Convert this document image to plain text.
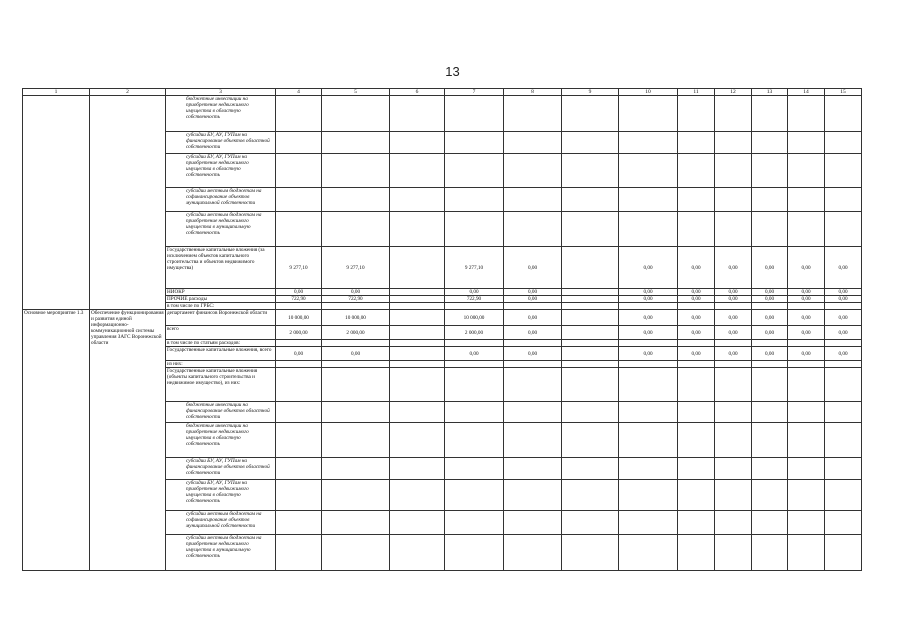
13
1	2	3	4	5	6	7	8	9	10	11	12	13	14	15
		бюджетные инвестиции на приобретение недвижимого имущества в областную собственность												
		субсидии БУ, АУ, ГУПам на финансирование объектов областной собственности												
		субсидии БУ, АУ, ГУПам на приобретение недвижимого имущества в областную собственность												
		субсидии местным бюджетам на софинансирование объектов муниципальной собственности												
		субсидии местным бюджетам на приобретение недвижимого имущества в муниципальную собственность												
		Государственные капитальные вложения (за исключением объектов капитального строительства и объектов недвижимого имущества)	9 277,10	9 277,10		9 277,10	0,00		0,00	0,00	0,00	0,00	0,00	0,00
		НИОКР	0,00	0,00		0,00	0,00		0,00	0,00	0,00	0,00	0,00	0,00
		ПРОЧИЕ расходы	722,90	722,90		722,90	0,00		0,00	0,00	0,00	0,00	0,00	0,00
		в том числе по ГРБС:												
Основное мероприятие 1.3	Обеспечение функционирования и развития единой информационно-коммуникационной системы управления ЗАГС Воронежской области	департамент финансов Воронежской области	10 000,00	10 000,00		10 000,00	0,00		0,00	0,00	0,00	0,00	0,00	0,00
		всего	2 000,00	2 000,00		2 000,00	0,00		0,00	0,00	0,00	0,00	0,00	0,00
		в том числе по статьям расходов:												
		Государственные капитальные вложения, всего	0,00	0,00		0,00	0,00		0,00	0,00	0,00	0,00	0,00	0,00
		из них:												
		Государственные капитальные вложения (объекты капитального строительства и недвижимое имущество), из них:												
		бюджетные инвестиции на финансирование объектов областной собственности												
		бюджетные инвестиции на приобретение недвижимого имущества в областную собственность												
		субсидии БУ, АУ, ГУПам на финансирование объектов областной собственности												
		субсидии БУ, АУ, ГУПам на приобретение недвижимого имущества в областную собственность												
		субсидии местным бюджетам на софинансирование объектов муниципальной собственности												
		субсидии местным бюджетам на приобретение недвижимого имущества в муниципальную собственность												
